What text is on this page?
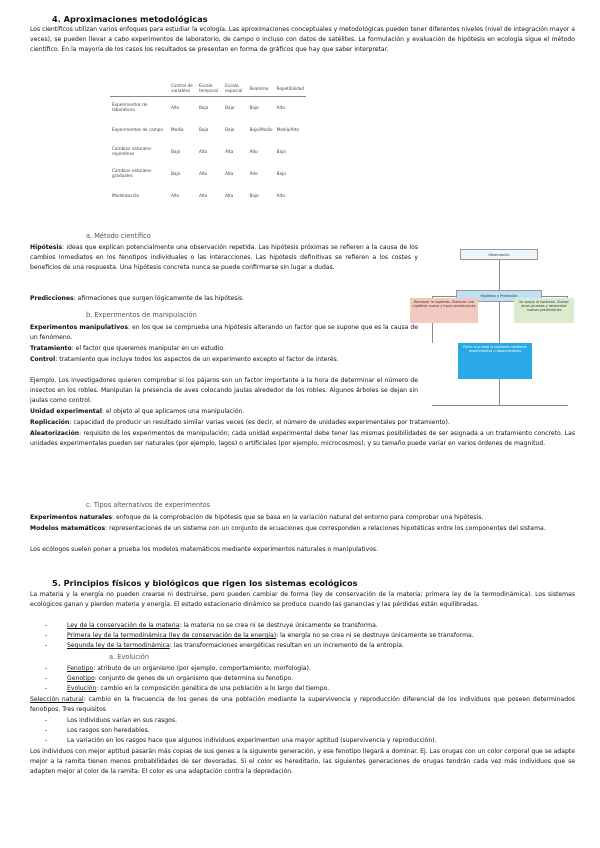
4. Aproximaciones metodológicas

Los científicos utilizan varios enfoques para estudiar la ecología. Las aproximaciones conceptuales y metodológicas pueden tener diferentes niveles (nivel de integración mayor a veces), se pueden llevar a cabo experimentos de laboratorio, de campo o incluso con datos de satélites. La formulación y evaluación de hipótesis en ecología sigue el método científico. En la mayoría de los casos los resultados se presentan en forma de gráficos que hay que saber interpretar.

	Control de variables	Escala temporal	Escala espacial	Realismo	Repetibilidad
Experimentos de laboratorio	Alto	Baja	Baja	Bajo	Alta
Experimentos de campo	Media	Baja	Baja	Bajo/Medio	Media/Alta
Cambios naturales repentinos	Bajo	Alta	Alta	Alto	Baja
Cambios naturales graduales	Bajo	Alta	Alta	Alto	Baja
Modelización	Alto	Alta	Alta	Bajo	Alta
a. Método científico

Hipótesis: ideas que explican potencialmente una observación repetida. Las hipótesis próximas se refieren a la causa de los cambios inmediatos en los fenotipos individuales o las interacciones. Las hipótesis definitivas se refieren a los costes y beneficios de una respuesta. Una hipótesis concreta nunca se puede confirmarse sin lugar a dudas.

Predicciones: afirmaciones que surgen lógicamente de las hipótesis.

b. Experimentos de manipulación

Experimentos manipulativos: en los que se comprueba una hipótesis alterando un factor que se supone que es la causa de un fenómeno.

Tratamiento: el factor que queremos manipular en un estudio.

Control: tratamiento que incluye todos los aspectos de un experimento excepto el factor de interés.

Ejemplo. Los investigadores quieren comprobar si los pájaros son un factor importante a la hora de determinar el número de insectos en los robles. Manipulan la presencia de aves colocando jaulas alrededor de los robles. Algunos árboles se dejan sin jaulas como control.

Unidad experimental: el objeto al que aplicamos una manipulación.

Replicación: capacidad de producir un resultado similar varias veces (es decir, el número de unidades experimentales por tratamiento).

Aleatorización: requisito de los experimentos de manipulación; cada unidad experimental debe tener las mismas posibilidades de ser asignada a un tratamiento concreto. Las unidades experimentales pueden ser naturales (por ejemplo, lagos) o artificiales (por ejemplo, microcosmos), y su tamaño puede variar en varios órdenes de magnitud.

c. Tipos alternativos de experimentos

Experimentos naturales: enfoque de la comprobación de hipótesis que se basa en la variación natural del entorno para comprobar una hipótesis.

Modelos matemáticos: representaciones de un sistema con un conjunto de ecuaciones que corresponden a relaciones hipotéticas entre los componentes del sistema.

Los ecólogos suelen poner a prueba los modelos matemáticos mediante experimentos naturales o manipulativos.

5. Principios físicos y biológicos que rigen los sistemas ecológicos

La materia y la energía no pueden crearse ni destruirse, pero pueden cambiar de forma (ley de conservación de la materia; primera ley de la termodinámica). Los sistemas ecológicos ganan y pierden materia y energía. El estado estacionario dinámico se produce cuando las ganancias y las pérdidas están equilibradas.

- Ley de la conservación de la materia: la materia no se crea ni se destruye únicamente se transforma.
- Primera ley de la termodinámica (ley de conservación de la energía): la energía no se crea ni se destruye únicamente se transforma.
- Segunda ley de la termodinámica: las transformaciones energéticas resultan en un incremento de la entropía.
a. Evolución
- Fenotipo: atributo de un organismo (por ejemplo, comportamiento, morfología).
- Genotipo: conjunto de genes de un organismo que determina su fenotipo.
- Evolución: cambio en la composición genética de una población a lo largo del tiempo.

Selección natural: cambio en la frecuencia de los genes de una población mediante la supervivencia y reproducción diferencial de los individuos que poseen determinados fenotipos. Tres requisitos

- Los individuos varían en sus rasgos.
- Los rasgos son heredables.
- La variación en los rasgos hace que algunos individuos experimenten una mayor aptitud (supervivencia y reproducción).

Los individuos con mejor aptitud pasarán más copias de sus genes a la siguiente generación, y ese fenotipo llegará a dominar. Ej. Las orugas con un color corporal que se adapte mejor a la ramita tienen menos probabilidades de ser devoradas. Si el color es hereditario, las siguientes generaciones de orugas tendrán cada vez más individuos que se adapten mejor al color de la ramita. El color es una adaptación contra la depredación.

Observación
Hipótesis y Predicción
Rechazar la hipótesis. Elaborar una hipótesis nueva y hacer predicciones
Se apoya la hipótesis. Buscar otras pruebas y desarrollar nuevas predicciones
Poner a prueba la hipótesis mediante experimentos u observaciones
